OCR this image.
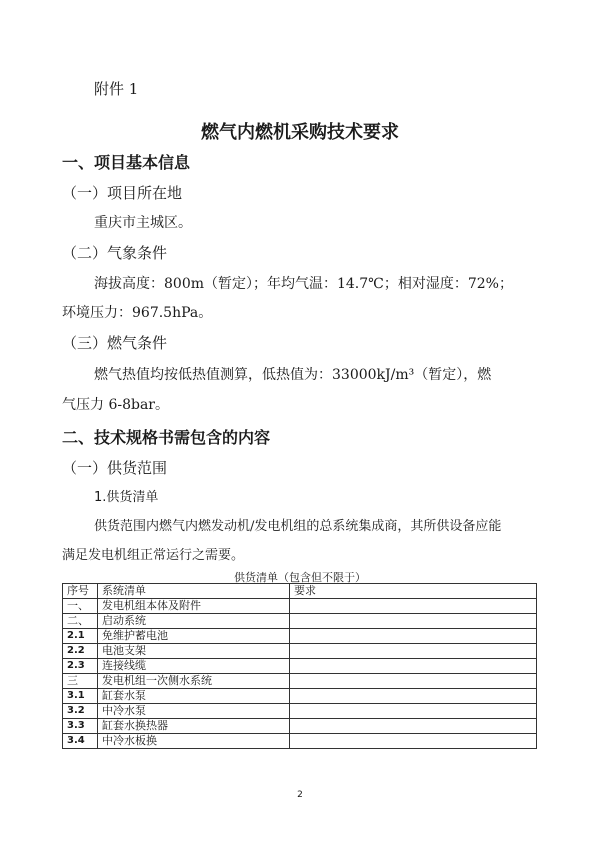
附件 1
燃气内燃机采购技术要求
一、项目基本信息
（一）项目所在地
重庆市主城区。
（二）气象条件
海拔高度：800m（暂定）；年均气温：14.7℃；相对湿度：72%；
环境压力：967.5hPa。
（三）燃气条件
燃气热值均按低热值测算，低热值为：33000kJ/m³（暂定），燃
气压力 6-8bar。
二、技术规格书需包含的内容
（一）供货范围
1.供货清单
供货范围内燃气内燃发动机/发电机组的总系统集成商，其所供设备应能
满足发电机组正常运行之需要。
供货清单（包含但不限于）
序号	系统清单	要求
一、	发电机组本体及附件	
二、	启动系统	
2.1	免维护蓄电池	
2.2	电池支架	
2.3	连接线缆	
三	发电机组一次侧水系统	
3.1	缸套水泵	
3.2	中冷水泵	
3.3	缸套水换热器	
3.4	中冷水板换	
2
